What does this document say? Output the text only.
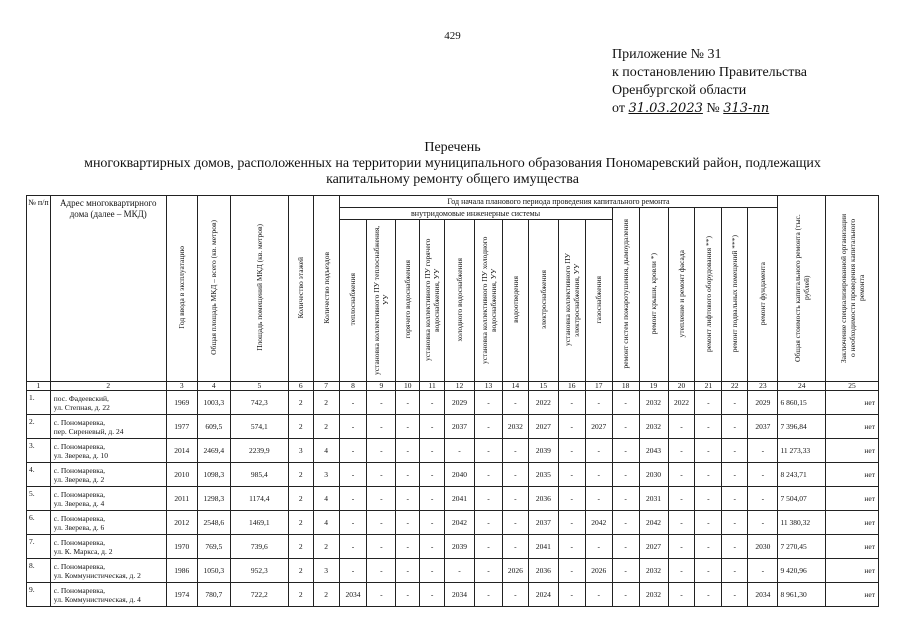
429
Приложение № 31
к постановлению Правительства
Оренбургской области
от 31.03.2023 № 313-пп
Перечень
многоквартирных домов, расположенных на территории муниципального образования Пономаревский район, подлежащих
капитальному ремонту общего имущества
№ п/п	Адрес многоквартирного дома (далее – МКД)	Год ввода в эксплуатацию	Общая площадь МКД – всего (кв. метров)	Площадь помещений МКД (кв. метров)	Количество этажей	Количество подъездов	Год начала планового периода проведения капитального ремонта																Общая стоимость капитального ремонта (тыс. рублей)	Заключение специализированной организации о необходимости проведения капитального ремонта
							внутридомовые инженерные системы										ремонт систем пожаротушения, дымоудаления	ремонт крыши, кровли *)	утепление и ремонт фасада	ремонт лифтового оборудования **)	ремонт подвальных помещений ***)	ремонт фундамента		
							теплоснабжения	установка коллективного ПУ теплоснабжения, УУ	горячего водоснабжения	установка коллективного ПУ горячего водоснабжения, УУ	холодного водоснабжения	установка коллективного ПУ холодного водоснабжения, УУ	водоотведения	электроснабжения	установка коллективного ПУ электроснабжения, УУ	газоснабжения								
1	2	3	4	5	6	7	8	9	10	11	12	13	14	15	16	17	18	19	20	21	22	23	24	25
1.	пос. Фадеевский,
ул. Степная, д. 22	1969	1003,3	742,3	2	2	-	-	-	-	2029	-	-	2022	-	-	-	2032	2022	-	-	2029	6 860,15	нет
2.	с. Пономаревка,
пер. Сиреневый, д. 24	1977	609,5	574,1	2	2	-	-	-	-	2037	-	2032	2027	-	2027	-	2032	-	-	-	2037	7 396,84	нет
3.	с. Пономаревка,
ул. Зверева, д. 10	2014	2469,4	2239,9	3	4	-	-	-	-	-	-	-	2039	-	-	-	2043	-	-	-	-	11 273,33	нет
4.	с. Пономаревка,
ул. Зверева, д. 2	2010	1098,3	985,4	2	3	-	-	-	-	2040	-	-	2035	-	-	-	2030	-	-	-	-	8 243,71	нет
5.	с. Пономаревка,
ул. Зверева, д. 4	2011	1298,3	1174,4	2	4	-	-	-	-	2041	-	-	2036	-	-	-	2031	-	-	-	-	7 504,07	нет
6.	с. Пономаревка,
ул. Зверева, д. 6	2012	2548,6	1469,1	2	4	-	-	-	-	2042	-	-	2037	-	2042	-	2042	-	-	-	-	11 380,32	нет
7.	с. Пономаревка,
ул. К. Маркса, д. 2	1970	769,5	739,6	2	2	-	-	-	-	2039	-	-	2041	-	-	-	2027	-	-	-	2030	7 270,45	нет
8.	с. Пономаревка,
ул. Коммунистическая, д. 2	1986	1050,3	952,3	2	3	-	-	-	-	-	-	2026	2036	-	2026	-	2032	-	-	-	-	9 420,96	нет
9.	с. Пономаревка,
ул. Коммунистическая, д. 4	1974	780,7	722,2	2	2	2034	-	-	-	2034	-	-	2024	-	-	-	2032	-	-	-	2034	8 961,30	нет
